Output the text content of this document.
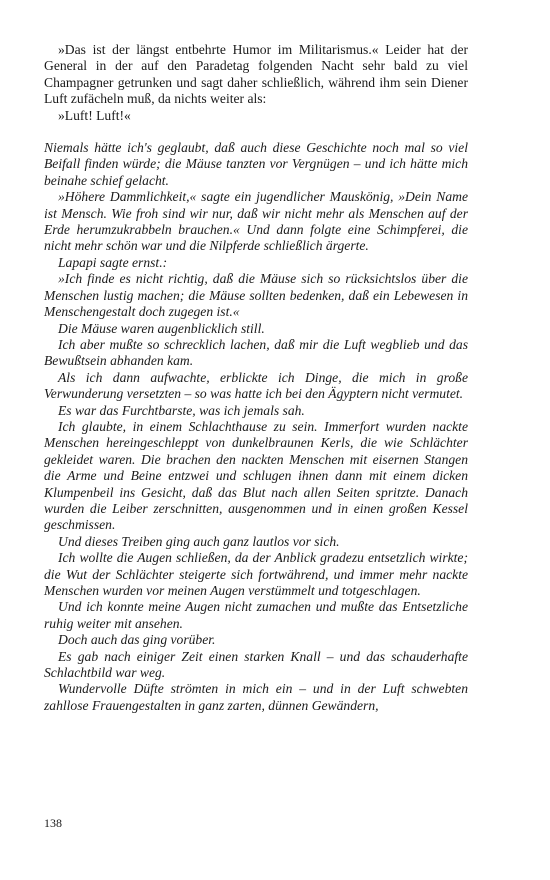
»Das ist der längst entbehrte Humor im Militarismus.« Leider hat der General in der auf den Paradetag folgenden Nacht sehr bald zu viel Champagner getrunken und sagt daher schließlich, während ihm sein Diener Luft zufächeln muß, da nichts weiter als:

»Luft! Luft!«

Niemals hätte ich's geglaubt, daß auch diese Geschichte noch mal so viel Beifall finden würde; die Mäuse tanzten vor Vergnügen – und ich hätte mich beinahe schief gelacht.

»Höhere Dammlichkeit,« sagte ein jugendlicher Mauskönig, »Dein Name ist Mensch. Wie froh sind wir nur, daß wir nicht mehr als Menschen auf der Erde herumzukrabbeln brauchen.« Und dann folgte eine Schimpferei, die nicht mehr schön war und die Nilpferde schließlich ärgerte.

Lapapi sagte ernst.:

»Ich finde es nicht richtig, daß die Mäuse sich so rücksichtslos über die Menschen lustig machen; die Mäuse sollten bedenken, daß ein Lebewesen in Menschengestalt doch zugegen ist.«

Die Mäuse waren augenblicklich still.

Ich aber mußte so schrecklich lachen, daß mir die Luft wegblieb und das Bewußtsein abhanden kam.

Als ich dann aufwachte, erblickte ich Dinge, die mich in große Verwunderung versetzten – so was hatte ich bei den Ägyptern nicht vermutet.

Es war das Furchtbarste, was ich jemals sah.

Ich glaubte, in einem Schlachthause zu sein. Immerfort wurden nackte Menschen hereingeschleppt von dunkelbraunen Kerls, die wie Schlächter gekleidet waren. Die brachen den nackten Menschen mit eisernen Stangen die Arme und Beine entzwei und schlugen ihnen dann mit einem dicken Klumpenbeil ins Gesicht, daß das Blut nach allen Seiten spritzte. Danach wurden die Leiber zerschnitten, ausgenommen und in einen großen Kessel geschmissen.

Und dieses Treiben ging auch ganz lautlos vor sich.

Ich wollte die Augen schließen, da der Anblick gradezu entsetzlich wirkte; die Wut der Schlächter steigerte sich fortwährend, und immer mehr nackte Menschen wurden vor meinen Augen verstümmelt und totgeschlagen.

Und ich konnte meine Augen nicht zumachen und mußte das Entsetzliche ruhig weiter mit ansehen.

Doch auch das ging vorüber.

Es gab nach einiger Zeit einen starken Knall – und das schauderhafte Schlachtbild war weg.

Wundervolle Düfte strömten in mich ein – und in der Luft schwebten zahllose Frauengestalten in ganz zarten, dünnen Gewändern,

138
